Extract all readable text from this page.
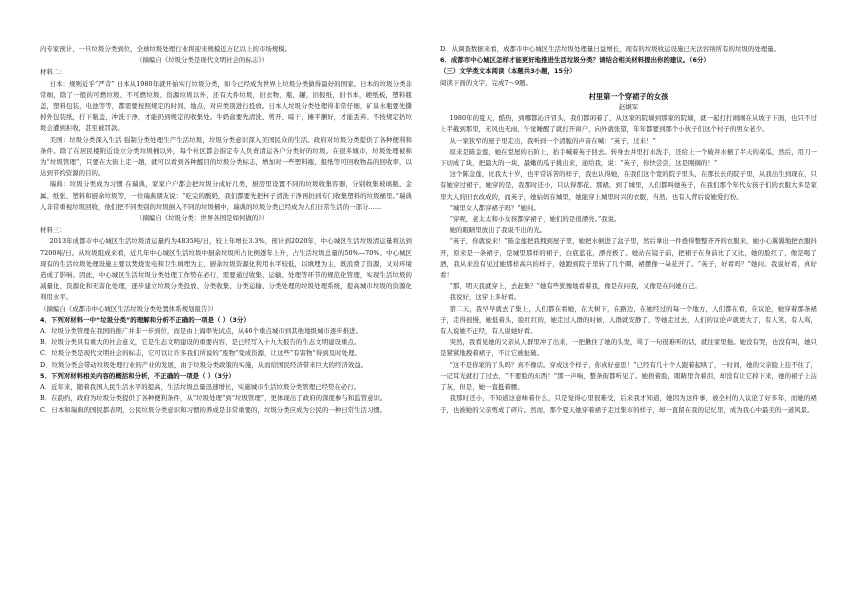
内专家预计，一旦垃圾分类到位，全球垃圾处理行业将迎来规模近万亿以上的市场规模。

（摘编自《垃圾分类是现代文明社会的标志》）

材料二：

日本：规则近乎“严苛” 日本从1980年就开始实行垃圾分类，如今已经成为世界上垃圾分类做得最好的国家。日本的垃圾分类非常细，除了一般的可燃垃圾、不可燃垃圾、资源垃圾以外，还有大件垃圾，旧衣物，瓶，罐，旧报纸，旧书本，硬纸板，塑料瓶盖，塑料包装，电池等等，都需要按照规定的时间、地点，对应类别进行投放。日本人垃圾分类处理得非常仔细，矿泉水瓶要先撕掉外包装纸，拧下瓶盖，冲洗干净，才能扔到规定的收集处。牛奶盒要先清洗、剪开、晾干，摊平捆好，才能丢弃。不按规定扔垃圾会遭到拒收，甚至被罚款。

美国：垃圾分类深入生活 强制分类处理生产生活垃圾，垃圾分类意识深入美国民众的生活。政府对垃圾分类提供了各种便利和条件。除了在居民楼附近设立分类垃圾桶以外，每个社区都会指定专人负责清运各户分类好的垃圾。在很多城市，垃圾处理被称为“垃圾管理”，只要在大街上走一趟，就可以看到各种醒目的垃圾分类标志，增加对一些塑料瓶、报纸等可回收物品的回收率，以达到节约资源的目的。

瑞典：垃圾分类成为习惯 在瑞典，家家户户都会把垃圾分成好几类，厨房里设置不同的垃圾收集容器，分别收集玻璃瓶、金属、纸张、塑料和厨余垃圾等，一位瑞典朋友说：“吃完的酸奶，我们都要先把杯子清洗干净再扔到专门收集塑料的垃圾桶里。”瑞典人非常重视垃圾回收，他们把不同类别的垃圾倒入不同的垃圾桶中，瑞典的垃圾分类已经成为人们日常生活的一部分……

（摘编自《垃圾分类：世界各国是如何做的》）

材料三：

2013年成都市中心城区生活垃圾清运量约为4835吨/日，较上年增长3.3%，预计到2020年，中心城区生活垃圾清运量将达到7200吨/日。从垃圾组成来看，近几年中心城区生活垃圾中厨余垃圾所占比例逐年上升，占生活垃圾总量的50%—70%。中心城区现有的生活垃圾处理设施主要以焚烧发电和卫生填埋为主，厨余垃圾资源化利用水平较低，以填埋为主，既浪费了资源，又对环境造成了影响。因此，中心城区生活垃圾分类处理工作势在必行，需要通过收集、运输、处理等环节的规范化管理，实现生活垃圾的减量化、资源化和无害化处理，逐步建立垃圾分类投放、分类收集、分类运输、分类处理的垃圾处理系统，提高城市垃圾的资源化利用水平。

（摘编自《成都市中心城区生活垃圾分类处置体系规划报告》）

4．下列对材料一中“垃圾分类”的理解和分析不正确的一项是（ ）（3分）

A．垃圾分类管理在我国的推广并非一步到位，而是由上海率先试点，从46个重点城市到其他地级城市逐步推进。

B．垃圾分类具有重大的社会意义，它是生态文明建设的重要内容，是已经写入十九大报告的生态文明建设重点。

C．垃圾分类是现代文明社会的标志，它可以让许多我们所说的“废物”变成资源，让这些“有害物”得到及时处理。

D．垃圾分类会带动垃圾处理行业的产业的发展，由于垃圾分类政策的实施，从而给国民经济带来巨大的经济效益。

5．下列对材料相关内容的概括和分析，不正确的一项是（ ）（3分）

A．近年来，随着我国人民生活水平的提高，生活垃圾总量迅速增长，实施城市生活垃圾分类管理已经势在必行。

B．在韵约，政府为垃圾分类提供了各种便利条件，从“垃圾处理”到“垃圾管理”，更体现出了政府的深度参与和监管意识。

C．日本和瑞典的国民都表明，公民垃圾分类意识和习惯的养成是非常重要的，垃圾分类应成为公民的一种日常生活习惯。

D．从调查数据来看，成都市中心城区生活垃圾处理量日益增长，现有的垃圾收运设施已无法容纳所有的垃圾的处理量。

6．成都市中心城区怎样才能更好地推进生活垃圾分类？请结合相关材料提出你的建议。（6分）

（三）文学类文本阅读（本题共3小题，15分）

阅读下面的文字，完成7～9题。

村里第一个穿裙子的女孩

赵炯军

1980年的夏天，酷热，到哪都沁汗冒头，我们都闲着了，从这家的院墙到那家的院墙，就一起打打闹闹在从坡子下面，也只不过上半截到那里，无风也无雨，午觉睡醒了就打开窗户，向外就张望，年年都要到那个小伙子们这个村子的男女老少。

从一家狭窄的屋子里走出，我听到一个清脆的声音在喊：“英子，过来！”

原来是陈金莲，她在堂屋的石阶上，抬手喊着英子回去。转身去井里打水洗手，还给上一个破井水桶了半天的菜瓜，然后，用刀一下切成了块，把最大的一块，最嫩的瓜子挑出来，递给我，说：“英子，你快尝尝，这是刚摘的！”

这个陈金莲，比我大十岁，也平常诉苦的样子，我也认得她，在我们这个宽的院子里头，在那长长的院子里，从我出生到现在，只有她穿过裙子，她穿的是，我那时还小，只认得那花、那裙，到了城里，人们都叫她英子，在我们那个年代女孩子们的衣服大多是家里大人的旧衣改成的，而英子，她姑妈在城里，她能穿上城里时兴的衣服，当然，也有人背后说她爱打扮。

“城里女人都穿裙子吗？”她问。

“穿呢，老太太和小女孩都穿裙子，她们的是很漂亮。”我说。

她的眼睛里放出了我说不出的光。

“英子，你就说来！”陈金莲把我拽到屋子里，她把水倒进了盆子里，然后拿出一件叠得整整齐齐的衣服来，她小心翼翼地把衣服抖开，原来是一条裙子，是城里那样的裙子，白底蓝花，漂亮极了。她站在镜子前，把裙子在身前比了又比，她的脸红了，像是喝了酒，我从来没有见过她那样高兴的样子，她跑到院子里转了几个圈，裙摆像一朵花开了。“英子，好看吗？”她问。我说好看，真好看！

“那，明天我就穿上，去赶集？”她有些犹豫地看着我，像是在问我，又像是在问她自己。

我说好，这穿上多好看。

第二天，我早早就去了集上，人们都在看她，在大树下，在路边，在她经过的每一个地方，人们都在看，在议论，她穿着那条裙子，走得很慢，她低着头，脸红红的，她走过人群的时候，人群就安静了，等她走过去，人们的议论声就更大了，有人笑，有人骂，有人说她不正经，有人说她好看。

突然，我看见她的父亲从人群里冲了出来，一把揪住了她的头发，骂了一句很难听的话，就往家里拖。她没有哭，也没有叫，她只是紧紧地拽着裙子，不让它被扯破。

“这不是你家的丫头吗？真不像话。穿成这个样子，你真好意思！”已经有几十个人跟着起哄了，一时间，她的父亲脸上挂不住了，一记耳光就打了过去，“不要脸的东西！”那一声响，整条街都听见了。她捂着脸，眼睛里含着泪，却没有让它掉下来，她的裙子上沾了灰，但是，她一直挺着腰。

我那时还小，不知道这意味着什么，只是觉得心里很难受，后来我才知道，她因为这件事，被全村的人议论了好多年，而她的裙子，也被她的父亲剪成了碎片。然而，那个夏天她穿着裙子走过集市的样子，却一直留在我的记忆里，成为我心中最美的一道风景。
